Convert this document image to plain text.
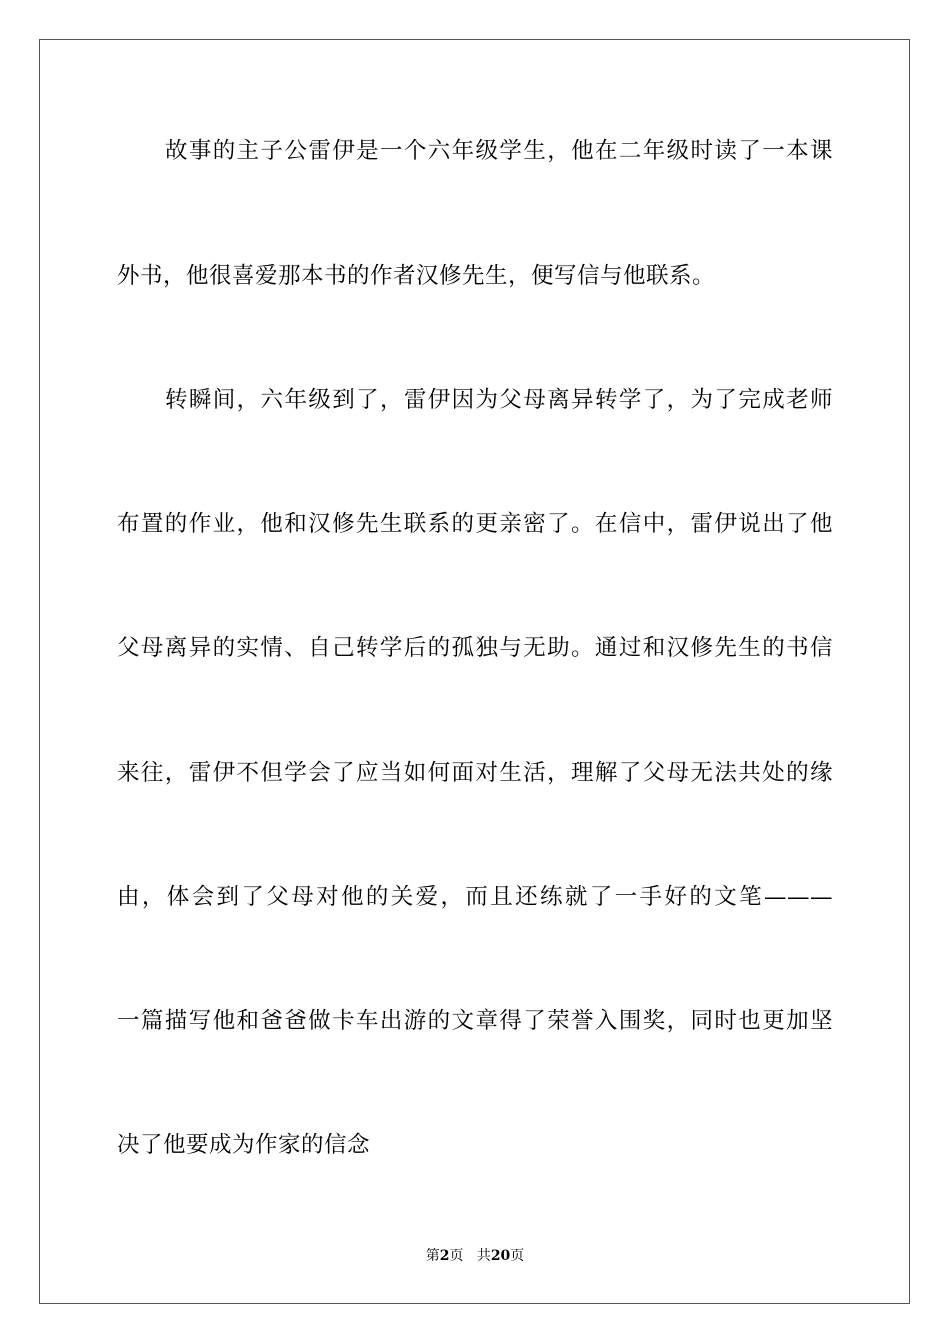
故事的主子公雷伊是一个六年级学生，他在二年级时读了一本课
外书，他很喜爱那本书的作者汉修先生，便写信与他联系。
转瞬间，六年级到了，雷伊因为父母离异转学了，为了完成老师
布置的作业，他和汉修先生联系的更亲密了。在信中，雷伊说出了他
父母离异的实情、自己转学后的孤独与无助。通过和汉修先生的书信
来往，雷伊不但学会了应当如何面对生活，理解了父母无法共处的缘
由，体会到了父母对他的关爱，而且还练就了一手好的文笔———
一篇描写他和爸爸做卡车出游的文章得了荣誉入围奖，同时也更加坚
决了他要成为作家的信念
第2页 共20页
